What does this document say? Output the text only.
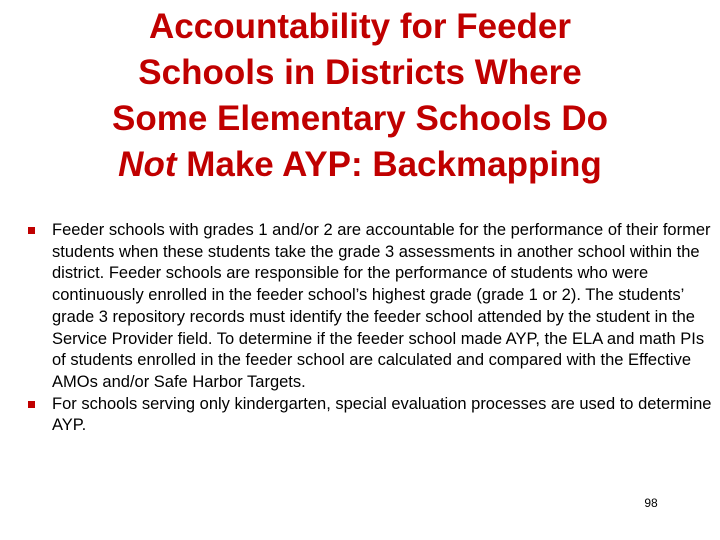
Accountability for Feeder
Schools in Districts Where
Some Elementary Schools Do
Not Make AYP: Backmapping
Feeder schools with grades 1 and/or 2 are accountable for the performance of their former students when these students take the grade 3 assessments in another school within the district. Feeder schools are responsible for the performance of students who were continuously enrolled in the feeder school’s highest grade (grade 1 or 2). The students’ grade 3 repository records must identify the feeder school attended by the student in the Service Provider field. To determine if the feeder school made AYP, the ELA and math PIs of students enrolled in the feeder school are calculated and compared with the Effective AMOs and/or Safe Harbor Targets.
For schools serving only kindergarten, special evaluation processes are used to determine AYP.
98
